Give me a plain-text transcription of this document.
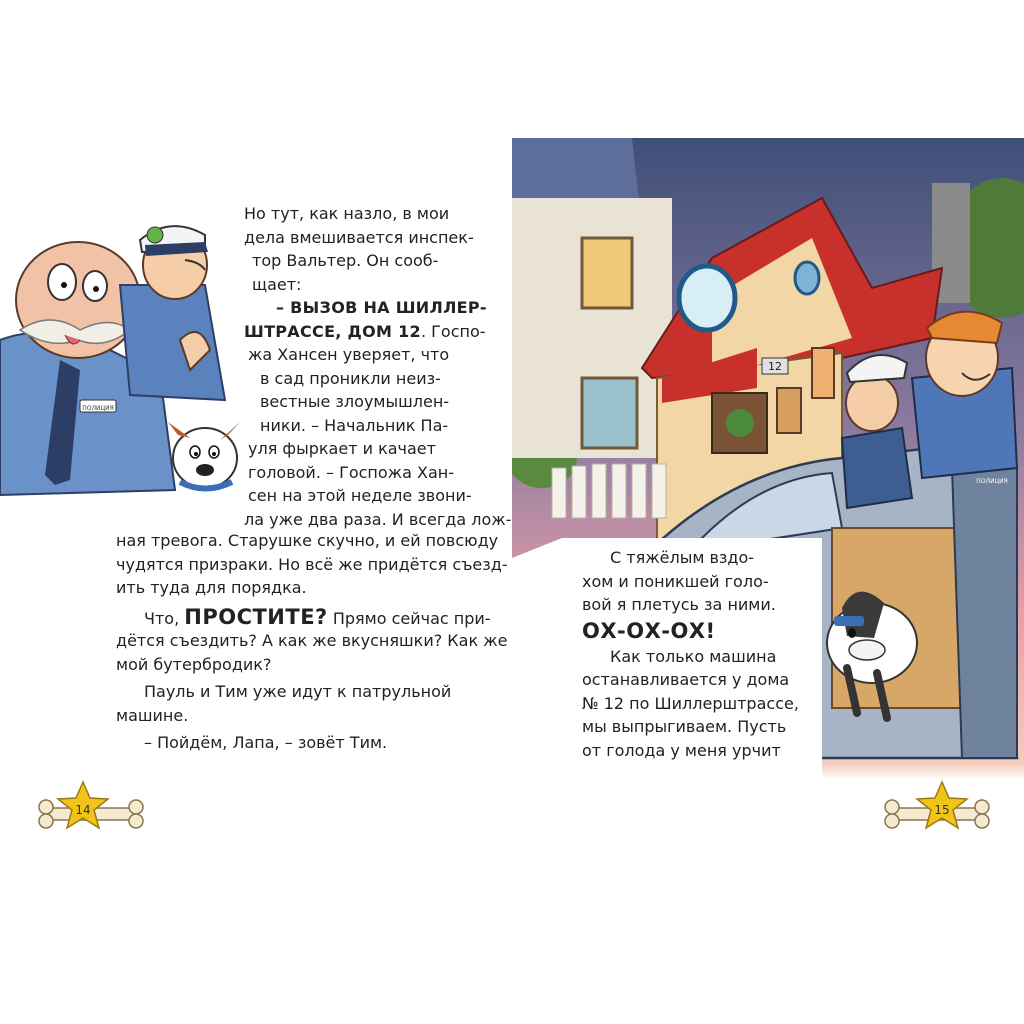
ПОЛИЦИЯ
Но тут, как назло, в мои
дела вмешивается инспек-
тор Вальтер. Он сооб-
щает:
– ВЫЗОВ НА ШИЛЛЕР-
ШТРАССЕ, ДОМ 12. Госпо-
жа Хансен уверяет, что
в сад проникли неиз-
вестные злоумышлен-
ники. – Начальник Па-
уля фыркает и качает
головой. – Госпожа Хан-
сен на этой неделе звони-
ла уже два раза. И всегда лож-
ная тревога. Старушке скучно, и ей повсюду
чудятся призраки. Но всё же придётся съезд-
ить туда для порядка.
Что, ПРОСТИТЕ? Прямо сейчас при-
дётся съездить? А как же вкусняшки? Как же
мой бутербродик?
Пауль и Тим уже идут к патрульной
машине.
– Пойдём, Лапа, – зовёт Тим.
14
12
ПОЛИЦИЯ
С тяжёлым вздо-
хом и поникшей голо-
вой я плетусь за ними.
ОХ-ОХ-ОХ!
Как только машина
останавливается у дома
№ 12 по Шиллерштрассе,
мы выпрыгиваем. Пусть
от голода у меня урчит
15
